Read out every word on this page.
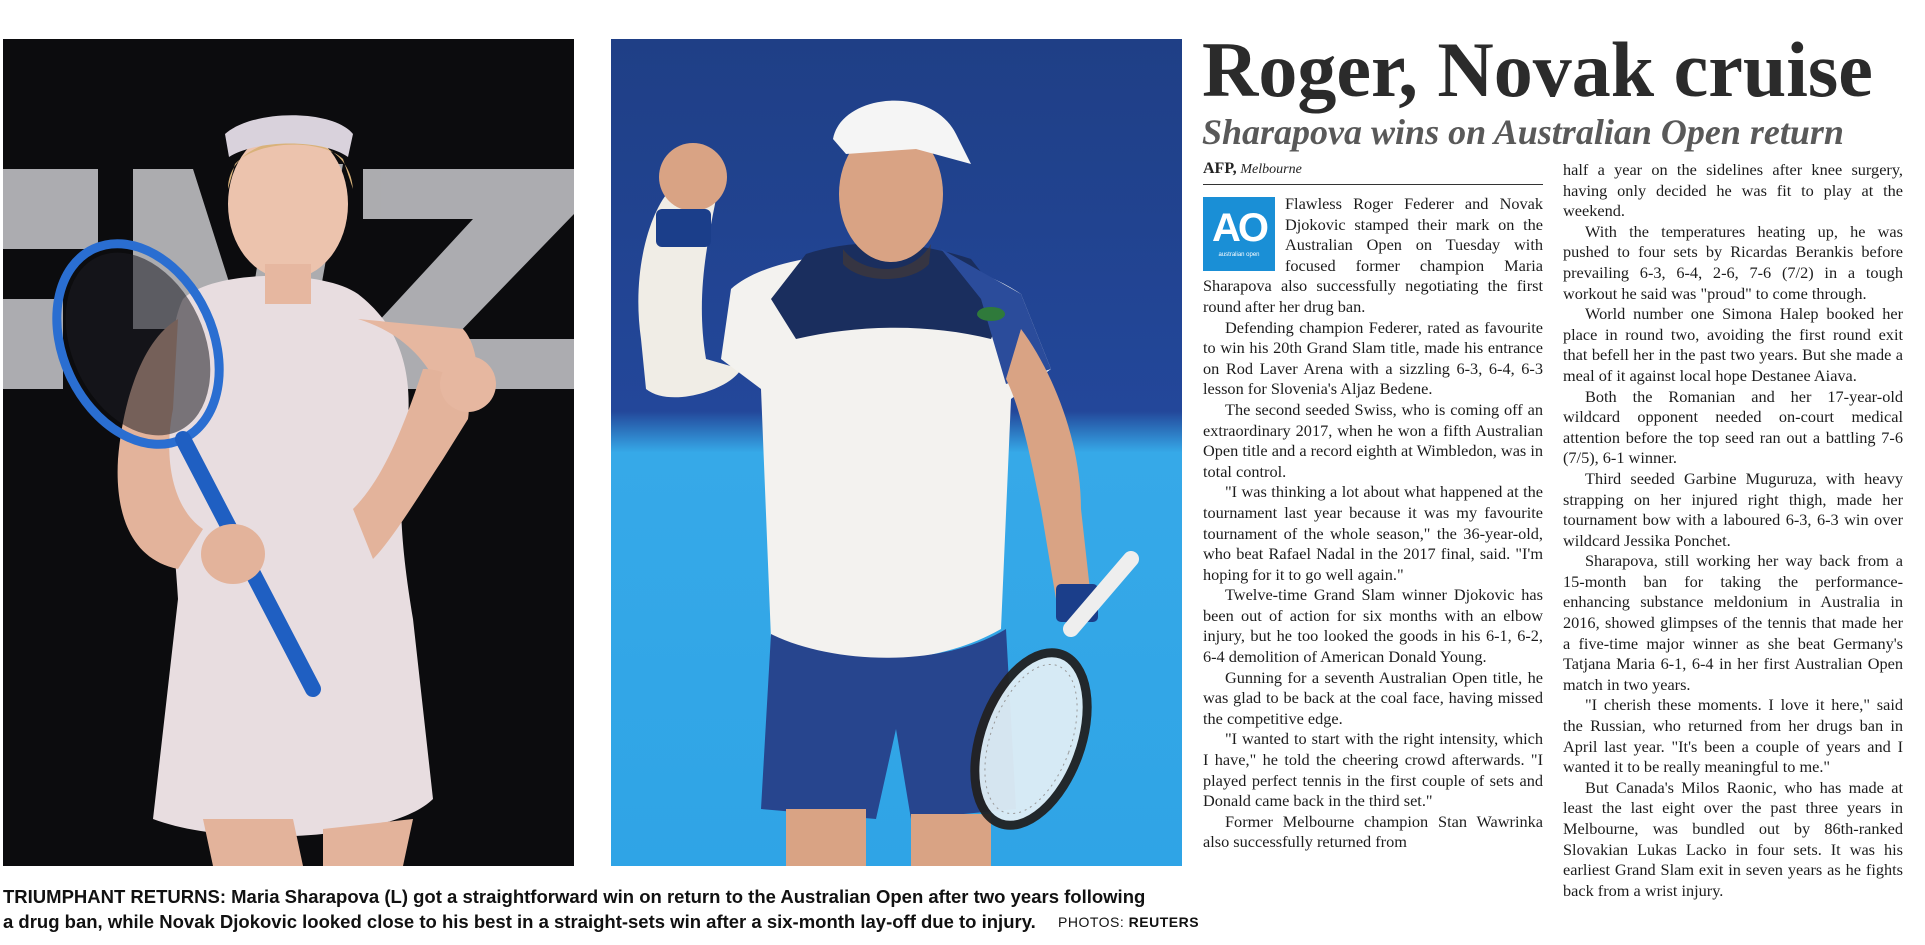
TRIUMPHANT RETURNS: Maria Sharapova (L) got a straightforward win on return to the Australian Open after two years following a drug ban, while Novak Djokovic looked close to his best in a straight-sets win after a six-month lay-off due to injury.	PHOTOS: REUTERS
Roger, Novak cruise
Sharapova wins on Australian Open return
AFP, Melbourne
AO
australian open

Flawless Roger Federer and Novak Djokovic stamped their mark on the Australian Open on Tuesday with focused former champion Maria Sharapova also successfully negotiating the first round after her drug ban.

Defending champion Federer, rated as favourite to win his 20th Grand Slam title, made his entrance on Rod Laver Arena with a sizzling 6-3, 6-4, 6-3 lesson for Slovenia's Aljaz Bedene.

The second seeded Swiss, who is coming off an extraordinary 2017, when he won a fifth Australian Open title and a record eighth at Wimbledon, was in total control.

"I was thinking a lot about what happened at the tournament last year because it was my favourite tournament of the whole season," the 36-year-old, who beat Rafael Nadal in the 2017 final, said. "I'm hoping for it to go well again."

Twelve-time Grand Slam winner Djokovic has been out of action for six months with an elbow injury, but he too looked the goods in his 6-1, 6-2, 6-4 demolition of American Donald Young.

Gunning for a seventh Australian Open title, he was glad to be back at the coal face, having missed the competitive edge.

"I wanted to start with the right intensity, which I have," he told the cheering crowd afterwards. "I played perfect tennis in the first couple of sets and Donald came back in the third set."

Former Melbourne champion Stan Wawrinka also successfully returned from

half a year on the sidelines after knee surgery, having only decided he was fit to play at the weekend.

With the temperatures heating up, he was pushed to four sets by Ricardas Berankis before prevailing 6-3, 6-4, 2-6, 7-6 (7/2) in a tough workout he said was "proud" to come through.

World number one Simona Halep booked her place in round two, avoiding the first round exit that befell her in the past two years. But she made a meal of it against local hope Destanee Aiava.

Both the Romanian and her 17-year-old wildcard opponent needed on-court medical attention before the top seed ran out a battling 7-6 (7/5), 6-1 winner.

Third seeded Garbine Muguruza, with heavy strapping on her injured right thigh, made her tournament bow with a laboured 6-3, 6-3 win over wildcard Jessika Ponchet.

Sharapova, still working her way back from a 15-month ban for taking the performance-enhancing substance meldonium in Australia in 2016, showed glimpses of the tennis that made her a five-time major winner as she beat Germany's Tatjana Maria 6-1, 6-4 in her first Australian Open match in two years.

"I cherish these moments. I love it here," said the Russian, who returned from her drugs ban in April last year. "It's been a couple of years and I wanted it to be really meaningful to me."

But Canada's Milos Raonic, who has made at least the last eight over the past three years in Melbourne, was bundled out by 86th-ranked Slovakian Lukas Lacko in four sets. It was his earliest Grand Slam exit in seven years as he fights back from a wrist injury.
